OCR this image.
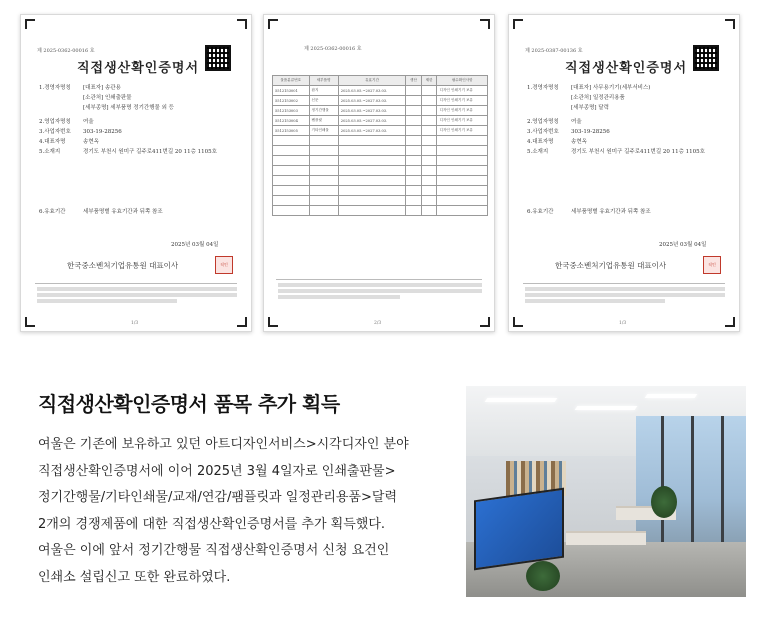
제 2025-0362-00016 호
직접생산확인증명서
1.경영자명칭 [대표자] 송관용
[소관처] 인쇄출판물
[세부종명] 세부품명 정기간행물 외 등
2.영업자명칭 여울
3.사업자번호 303-19-28256
4.대표자명	송현옥
5.소재지	경기도 부천시 원미구 길주로411번길 20 11층 1105호
6.유효기간	세부품명별 유효기간과 뒤쪽 참조
2025년 03월 04일
한국중소벤처기업유통원 대표이사	직인
1/3
제 2025-0362-00016 호
물품분류번호	세부품명	유효기간	생산	제한	필수확인사항
5512153001	잡지	2025.03.05.~2027.03.03.			디자인 인쇄기기 보유
5512153002	신문	2025.03.05.~2027.03.03.			디자인 인쇄기기 보유
5512153003	정기간행물	2025.03.05.~2027.03.03.			디자인 인쇄기기 보유
5512153004	팸플릿	2025.03.05.~2027.03.03.			디자인 인쇄기기 보유
5512153005	기타인쇄물	2025.03.05.~2027.03.03.			디자인 인쇄기기 보유

2/3
제 2025-0387-00136 호
직접생산확인증명서
1.경영자명칭 [대표자] 사무용기기(세부서비스)
[소관처] 일정관리용품
[세부종명] 달력
2.영업자명칭 여울
3.사업자번호 303-19-28256
4.대표자명	송현옥
5.소재지	경기도 부천시 원미구 길주로411번길 20 11층 1105호
6.유효기간	세부품명별 유효기간과 뒤쪽 참조
2025년 03월 04일
한국중소벤처기업유통원 대표이사	직인
1/3
직접생산확인증명서 품목 추가 획득
여울은 기존에 보유하고 있던 아트디자인서비스>시각디자인 분야
직접생산확인증명서에 이어 2025년 3월 4일자로 인쇄출판물>
정기간행물/기타인쇄물/교재/연감/팸플릿과 일정관리용품>달력
2개의 경쟁제품에 대한 직접생산확인증명서를 추가 획득했다.
여울은 이에 앞서 정기간행물 직접생산확인증명서 신청 요건인
인쇄소 설립신고 또한 완료하였다.
